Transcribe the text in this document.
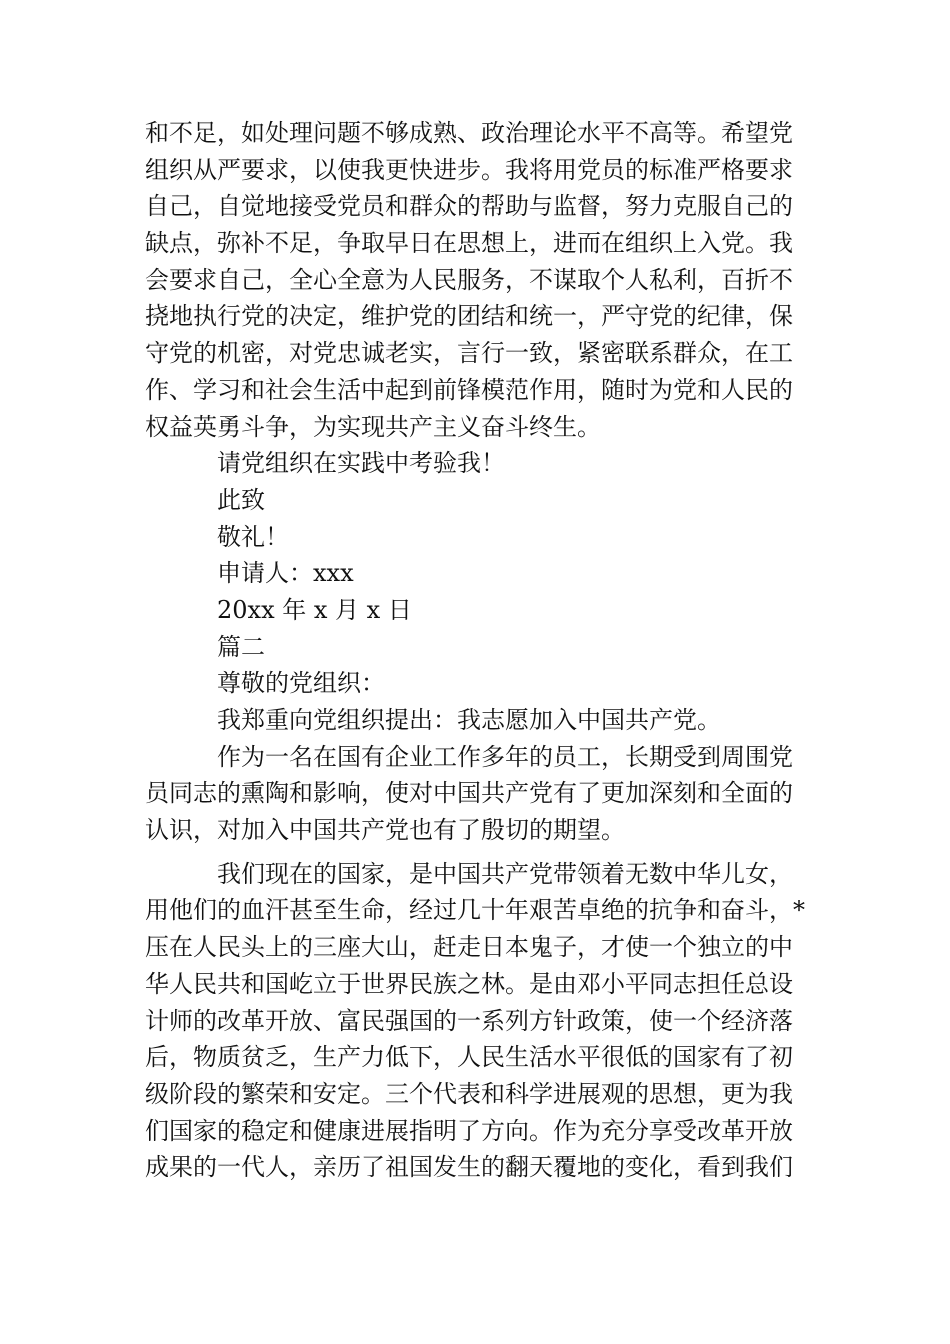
和不足，如处理问题不够成熟、政治理论水平不高等。希望党
组织从严要求，以使我更快进步。我将用党员的标准严格要求
自己，自觉地接受党员和群众的帮助与监督，努力克服自己的
缺点，弥补不足，争取早日在思想上，进而在组织上入党。我
会要求自己，全心全意为人民服务，不谋取个人私利，百折不
挠地执行党的决定，维护党的团结和统一，严守党的纪律，保
守党的机密，对党忠诚老实，言行一致，紧密联系群众，在工
作、学习和社会生活中起到前锋模范作用，随时为党和人民的
权益英勇斗争，为实现共产主义奋斗终生。
请党组织在实践中考验我！
此致
敬礼！
申请人：xxx
20xx 年 x 月 x 日
篇二
尊敬的党组织：
我郑重向党组织提出：我志愿加入中国共产党。
作为一名在国有企业工作多年的员工，长期受到周围党
员同志的熏陶和影响，使对中国共产党有了更加深刻和全面的
认识，对加入中国共产党也有了殷切的期望。
我们现在的国家，是中国共产党带领着无数中华儿女，
用他们的血汗甚至生命，经过几十年艰苦卓绝的抗争和奋斗，*
压在人民头上的三座大山，赶走日本鬼子，才使一个独立的中
华人民共和国屹立于世界民族之林。是由邓小平同志担任总设
计师的改革开放、富民强国的一系列方针政策，使一个经济落
后，物质贫乏，生产力低下，人民生活水平很低的国家有了初
级阶段的繁荣和安定。三个代表和科学进展观的思想，更为我
们国家的稳定和健康进展指明了方向。作为充分享受改革开放
成果的一代人，亲历了祖国发生的翻天覆地的变化，看到我们
